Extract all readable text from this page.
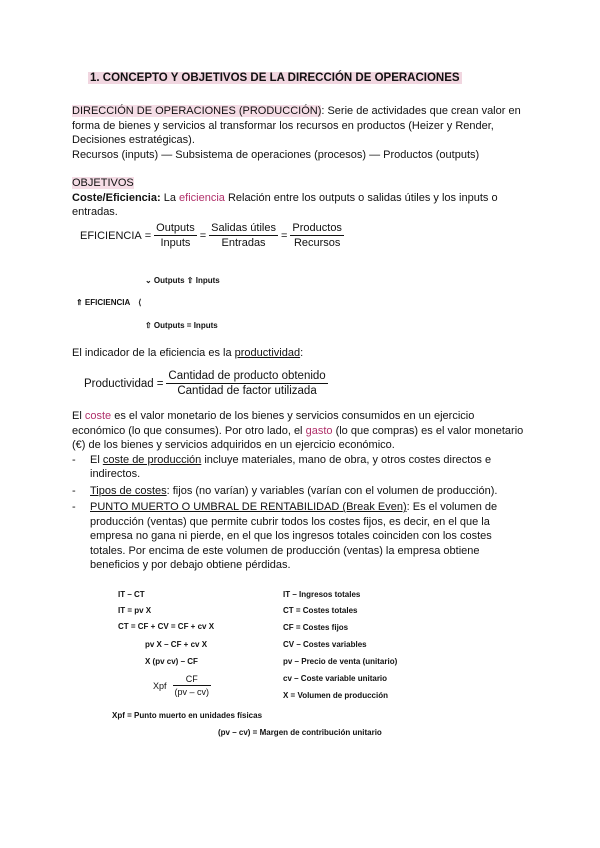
1. CONCEPTO Y OBJETIVOS DE LA DIRECCIÓN DE OPERACIONES
DIRECCIÓN DE OPERACIONES (PRODUCCIÓN): Serie de actividades que crean valor en
forma de bienes y servicios al transformar los recursos en productos (Heizer y Render,
Decisiones estratégicas).
Recursos (inputs) — Subsistema de operaciones (procesos) — Productos (outputs)
OBJETIVOS
Coste/Eficiencia: La eficiencia Relación entre los outputs o salidas útiles y los inputs o
entradas.
EFICIENCIA = $\frac{\text{Outputs}}{\text{Inputs}} = \frac{\text{Salidas útiles}}{\text{Entradas}} = \frac{\text{Productos}}{\text{Recursos}}$
⌄ Outputs ⇧ Inputs
⇑ EFICIENCIA ⟨
⇧ Outputs = Inputs
El indicador de la eficiencia es la productividad:
Productividad = $\frac{\text{Cantidad de producto obtenido}}{\text{Cantidad de factor utilizada}}$
El coste es el valor monetario de los bienes y servicios consumidos en un ejercicio
económico (lo que consumes). Por otro lado, el gasto (lo que compras) es el valor monetario
(€) de los bienes y servicios adquiridos en un ejercicio económico.
- El coste de producción incluye materiales, mano de obra, y otros costes directos e
indirectos.
- Tipos de costes: fijos (no varían) y variables (varían con el volumen de producción).
- PUNTO MUERTO O UMBRAL DE RENTABILIDAD (Break Even): Es el volumen de
producción (ventas) que permite cubrir todos los costes fijos, es decir, en el que la
empresa no gana ni pierde, en el que los ingresos totales coinciden con los costes
totales. Por encima de este volumen de producción (ventas) la empresa obtiene
beneficios y por debajo obtiene pérdidas.
IT – CT
IT = pv X
CT = CF + CV = CF + cv X
pv X – CF + cv X
X (pv cv) – CF
Xpf $\frac{CF}{(pv - cv)}$
IT – Ingresos totales
CT = Costes totales
CF = Costes fijos
CV – Costes variables
pv – Precio de venta (unitario)
cv – Coste variable unitario
X = Volumen de producción
Xpf = Punto muerto en unidades físicas
(pv – cv) = Margen de contribución unitario
